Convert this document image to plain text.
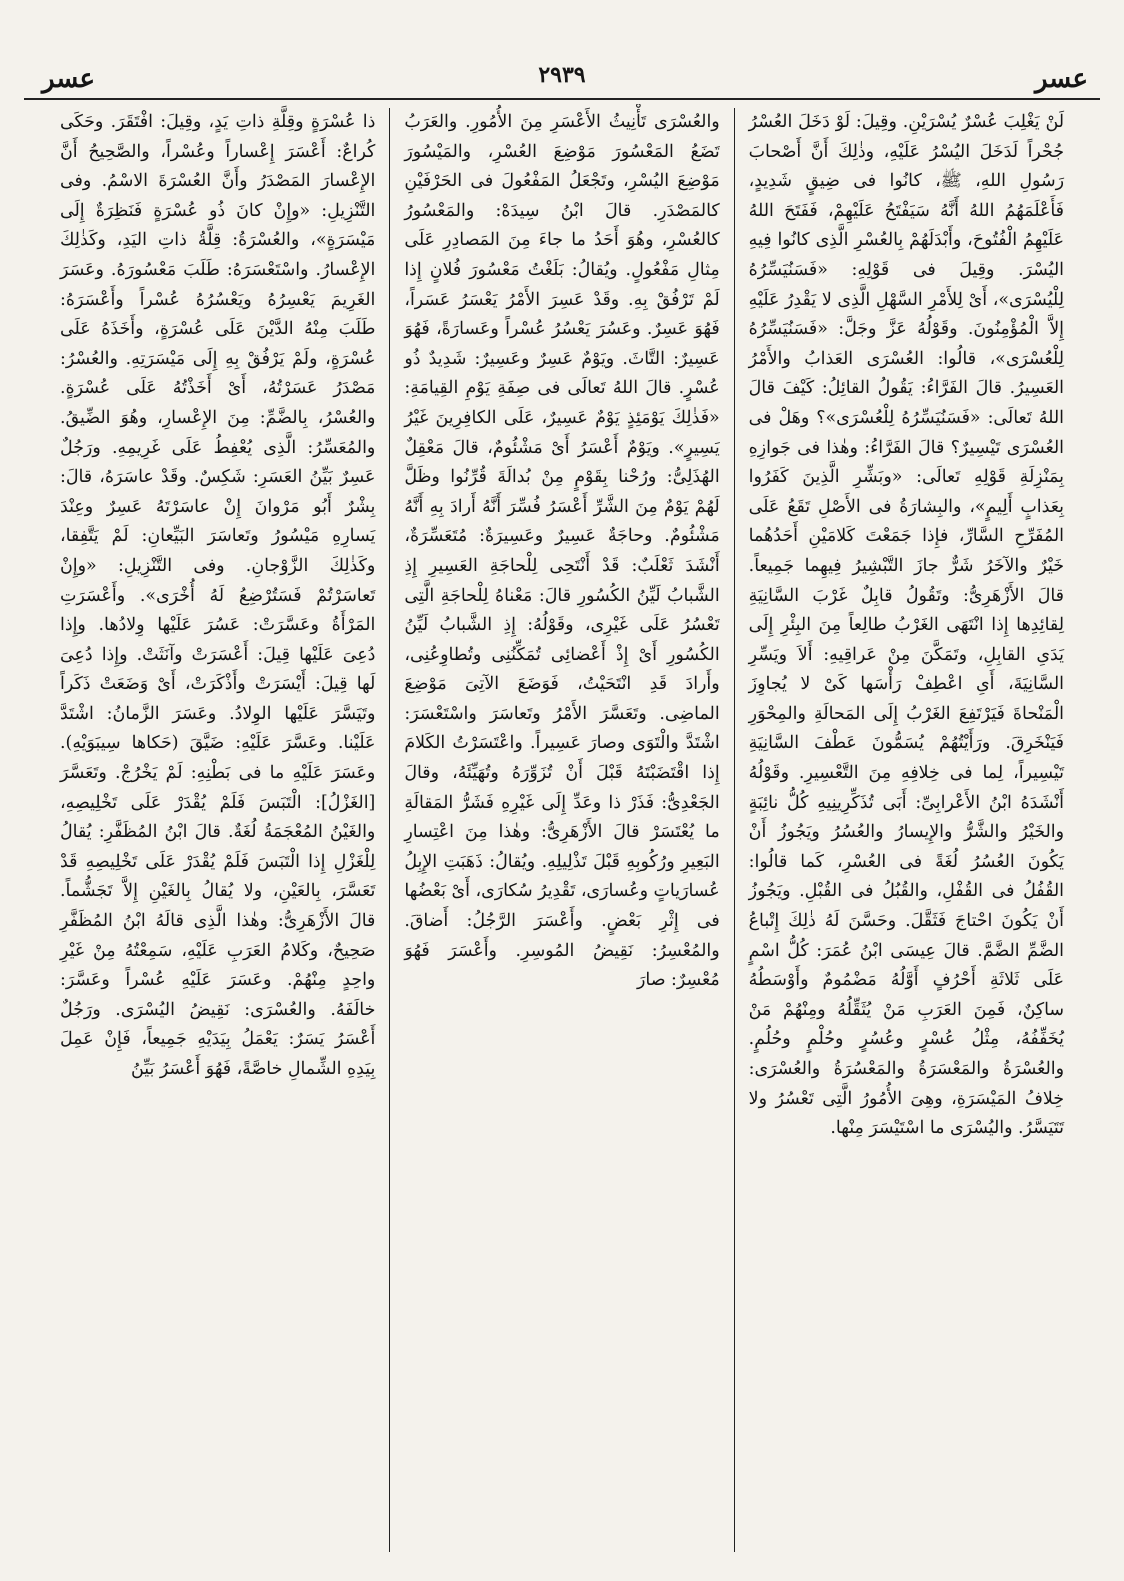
عسر
٢٩٣٩
عسر

لَنْ يَغْلِبَ عُسْرٌ يُسْرَيْنِ. وقِيلَ: لَوْ دَخَلَ العُسْرُ جُحْراً لَدَخَلَ اليُسْرُ عَلَيْهِ، وذٰلِكَ أَنَّ أَصْحابَ رَسُولِ اللهِ، ﷺ، كانُوا فى ضِيقٍ شَدِيدٍ، فَأَعْلَمَهُمُ اللهُ أَنَّهُ سَيَفْتَحُ عَلَيْهِمْ، فَفَتَحَ اللهُ عَلَيْهِمُ الْفُتُوحَ، وأَبْدَلَهُمْ بِالعُسْرِ الَّذِى كانُوا فِيهِ اليُسْرَ. وقِيلَ فى قَوْلِهِ: «فَسَنُيَسِّرُهُ لِلْيُسْرَى»، أَىْ لِلأَمْرِ السَّهْلِ الَّذِى لا يَقْدِرُ عَلَيْهِ إِلاَّ الْمُؤْمِنُونَ. وقَوْلُهُ عَزَّ وجَلَّ: «فَسَنُيَسِّرُهُ لِلْعُسْرَى»، قالُوا: العُسْرَى العَذابُ والأَمْرُ العَسِيرُ. قالَ الفَرَّاءُ: يَقُولُ القائِلُ: كَيْفَ قالَ اللهُ تَعالَى: «فَسَنُيَسِّرُهُ لِلْعُسْرَى»؟ وهَلْ فى العُسْرَى تَيْسِيرٌ؟ قالَ الفَرَّاءُ: وهٰذا فى جَوازِهِ بِمَنْزِلَةِ قَوْلِهِ تَعالَى: «وبَشِّرِ الَّذِينَ كَفَرُوا بِعَذابٍ أَلِيمٍ»، والبِشارَةُ فى الأَصْلِ تَقَعُ عَلَى المُفَرِّحِ السَّارِّ، فإِذا جَمَعْتَ كَلامَيْنِ أَحَدُهُما خَيْرٌ والآخَرُ شَرٌّ جازَ التَّبْشِيرُ فِيهِما جَمِيعاً. قالَ الأَزْهَرِىُّ: وتَقُولُ قابِلٌ غَرْبَ السَّانِيَةِ لِقائِدِها إِذا انْتَهَى الغَرْبُ طالِعاً مِنَ البِئْرِ إِلَى يَدَىِ القابِلِ، وتَمَكَّنَ مِنْ عَراقِيهِ: أَلاَ ويَسِّرِ السَّانِيَةَ، أَىِ اعْطِفْ رَأْسَها كَىْ لا يُجاوِزَ الْمَنْحاةَ فَيَرْتَفِعَ الغَرْبُ إِلَى المَحالَةِ والمِحْوَرِ فَيَنْخَرِقَ. ورَأَيْتُهُمْ يُسَمُّونَ عَطْفَ السَّانِيَةِ تَيْسِيراً، لِما فى خِلافِهِ مِنَ التَّعْسِيرِ. وقَوْلُهُ أَنْشَدَهُ ابْنُ الأَعْرابِىِّ: أَبَى تُذَكِّرِينِيهِ كُلُّ نائِبَةٍ والخَيْرُ والشَّرُّ والإِيسارُ والعُسُرُ ويَجُوزُ أَنْ يَكُونَ العُسُرُ لُغَةً فى العُسْرِ، كَما قالُوا: القُفُلُ فى القُفْلِ، والقُبُلُ فى القُبْلِ. ويَجُوزُ أَنْ يَكُونَ احْتاجَ فَثَقَّلَ. وحَسَّنَ لَهُ ذٰلِكَ إِتْباعُ الضَّمِّ الضَّمَّ. قالَ عِيسَى ابْنُ عُمَرَ: كُلُّ اسْمٍ عَلَى ثَلاثَةِ أَحْرُفٍ أَوَّلُهُ مَضْمُومٌ وأَوْسَطُهُ ساكِنٌ، فَمِنَ العَرَبِ مَنْ يُثَقِّلُهُ ومِنْهُمْ مَنْ يُخَفِّفُهُ، مِثْلُ عُسْرٍ وعُسُرٍ وحُلْمٍ وحُلُمٍ. والعُسْرَةُ والمَعْسَرَةُ والمَعْسُرَةُ والعُسْرَى: خِلافُ المَيْسَرَةِ، وهِىَ الأُمُورُ الَّتِى تَعْسُرُ ولا تَتَيَسَّرُ. واليُسْرَى ما اسْتَيْسَرَ مِنْها.

والعُسْرَى تَأْنِيثُ الأَعْسَرِ مِنَ الأُمُورِ. والعَرَبُ تَضَعُ المَعْسُورَ مَوْضِعَ العُسْرِ، والمَيْسُورَ مَوْضِعَ اليُسْرِ، وتَجْعَلُ المَفْعُولَ فى الحَرْفَيْنِ كالمَصْدَرِ. قالَ ابْنُ سِيدَهْ: والمَعْسُورُ كالعُسْرِ، وهُوَ أَحَدُ ما جاءَ مِنَ المَصادِرِ عَلَى مِثالِ مَفْعُولٍ. ويُقالُ: بَلَغْتُ مَعْسُورَ فُلانٍ إِذا لَمْ تَرْفُقْ بِهِ. وقَدْ عَسِرَ الأَمْرُ يَعْسَرُ عَسَراً، فَهُوَ عَسِرٌ. وعَسُرَ يَعْسُرُ عُسْراً وعَسارَةً، فَهُوَ عَسِيرٌ: التَّاثَ. ويَوْمٌ عَسِرٌ وعَسِيرٌ: شَدِيدٌ ذُو عُسْرٍ. قالَ اللهُ تَعالَى فى صِفَةِ يَوْمِ القِيامَةِ: «فَذٰلِكَ يَوْمَئِذٍ يَوْمٌ عَسِيرٌ، عَلَى الكافِرِينَ غَيْرُ يَسِيرٍ». ويَوْمٌ أَعْسَرُ أَىْ مَشْئُومٌ، قالَ مَعْقِلٌ الهُذَلِىُّ: ورُحْنا بِقَوْمٍ مِنْ بُدالَةَ قُرِّنُوا وظَلَّ لَهُمْ يَوْمٌ مِنَ الشَّرِّ أَعْسَرُ فُسِّرَ أَنَّهُ أَرادَ بِهِ أَنَّهُ مَشْئُومٌ. وحاجَةٌ عَسِيرٌ وعَسِيرَةٌ: مُتَعَسِّرَةٌ، أَنْشَدَ ثَعْلَبٌ: قَدْ أَنْتَحِى لِلْحاجَةِ العَسِيرِ إِذِ الشَّبابُ لَيِّنُ الكُسُورِ قالَ: مَعْناهُ لِلْحاجَةِ الَّتِى تَعْسُرُ عَلَى غَيْرِى، وقَوْلُهُ: إِذِ الشَّبابُ لَيِّنُ الكُسُورِ أَىْ إِذْ أَعْضائِى تُمَكِّنُنِى وتُطاوِعُنِى، وأَرادَ قَدِ انْتَحَيْتُ، فَوَضَعَ الآتِىَ مَوْضِعَ الماضِى. وتَعَسَّرَ الأَمْرُ وتَعاسَرَ واسْتَعْسَرَ: اشْتَدَّ والْتَوَى وصارَ عَسِيراً. واعْتَسَرْتُ الكَلامَ إِذا اقْتَضَبْتَهُ قَبْلَ أَنْ تُزَوِّرَهُ وتُهَيِّئَهُ، وقالَ الجَعْدِىُّ: فَذَرْ ذا وعَدِّ إِلَى غَيْرِهِ فَشَرُّ المَقالَةِ ما يُعْتَسَرْ قالَ الأَزْهَرِىُّ: وهٰذا مِنَ اعْتِسارِ البَعِيرِ ورُكُوبِهِ قَبْلَ تَذْلِيلِهِ. ويُقالُ: ذَهَبَتِ الإِبِلُ عُسارَياتٍ وعُسارَى، تَقْدِيرُ سُكارَى، أَىْ بَعْضُها فى إِثْرِ بَعْضٍ. وأَعْسَرَ الرَّجُلُ: أَضاقَ. والمُعْسِرُ: نَقِيضُ المُوسِرِ. وأَعْسَرَ فَهُوَ مُعْسِرٌ: صارَ

ذا عُسْرَةٍ وقِلَّةِ ذاتِ يَدٍ، وقِيلَ: افْتَقَرَ. وحَكَى كُراعٌ: أَعْسَرَ إِعْساراً وعُسْراً، والصَّحِيحُ أَنَّ الإِعْسارَ المَصْدَرُ وأَنَّ العُسْرَةَ الاسْمُ. وفى التَّنْزِيلِ: «وإِنْ كانَ ذُو عُسْرَةٍ فَنَظِرَةٌ إِلَى مَيْسَرَةٍ»، والعُسْرَةُ: قِلَّةُ ذاتِ اليَدِ، وكَذٰلِكَ الإِعْسارُ. واسْتَعْسَرَهُ: طَلَبَ مَعْسُورَهُ. وعَسَرَ الغَرِيمَ يَعْسِرُهُ ويَعْسُرُهُ عُسْراً وأَعْسَرَهُ: طَلَبَ مِنْهُ الدَّيْنَ عَلَى عُسْرَةٍ، وأَخَذَهُ عَلَى عُسْرَةٍ، ولَمْ يَرْفُقْ بِهِ إِلَى مَيْسَرَتِهِ. والعُسْرُ: مَصْدَرُ عَسَرْتُهُ، أَىْ أَخَذْتُهُ عَلَى عُسْرَةٍ. والعُسْرُ، بِالضَّمِّ: مِنَ الإِعْسارِ، وهُوَ الضِّيقُ. والمُعَسِّرُ: الَّذِى يُعْفِطُ عَلَى غَرِيمِهِ. ورَجُلٌ عَسِرٌ بَيِّنُ العَسَرِ: شَكِسٌ. وقَدْ عاسَرَهُ، قالَ: بِشْرٌ أَبُو مَرْوانَ إِنْ عاسَرْتَهُ عَسِرٌ وعِنْدَ يَسارِهِ مَيْسُورُ وتَعاسَرَ البَيِّعانِ: لَمْ يَتَّفِقا، وكَذٰلِكَ الزَّوْجانِ. وفى التَّنْزِيلِ: «وإِنْ تَعاسَرْتُمْ فَسَتُرْضِعُ لَهُ أُخْرَى». وأَعْسَرَتِ المَرْأَةُ وعَسَّرَتْ: عَسُرَ عَلَيْها وِلادُها. وإِذا دُعِىَ عَلَيْها قِيلَ: أَعْسَرَتْ وآنَثَتْ. وإِذا دُعِىَ لَها قِيلَ: أَيْسَرَتْ وأَذْكَرَتْ، أَىْ وَضَعَتْ ذَكَراً وتَيَسَّرَ عَلَيْها الوِلادُ. وعَسَرَ الزَّمانُ: اشْتَدَّ عَلَيْنا. وعَسَّرَ عَلَيْهِ: ضَيَّقَ (حَكاها سِيبَوَيْهِ). وعَسَرَ عَلَيْهِ ما فى بَطْنِهِ: لَمْ يَخْرُجْ. وتَعَسَّرَ [الغَزْلُ]: الْتَبَسَ فَلَمْ يُقْدَرْ عَلَى تَخْلِيصِهِ، والغَيْنُ المُعْجَمَةُ لُغَةٌ. قالَ ابْنُ المُظَفَّرِ: يُقالُ لِلْغَزْلِ إِذا الْتَبَسَ فَلَمْ يُقْدَرْ عَلَى تَخْلِيصِهِ قَدْ تَعَسَّرَ، بِالعَيْنِ، ولا يُقالُ بِالغَيْنِ إِلاَّ تَجَشُّماً. قالَ الأَزْهَرِىُّ: وهٰذا الَّذِى قالَهُ ابْنُ المُظَفَّرِ صَحِيحٌ، وكَلامُ العَرَبِ عَلَيْهِ، سَمِعْتُهُ مِنْ غَيْرِ واحِدٍ مِنْهُمْ. وعَسَرَ عَلَيْهِ عُسْراً وعَسَّرَ: خالَفَهُ. والعُسْرَى: نَقِيضُ اليُسْرَى. ورَجُلٌ أَعْسَرُ يَسَرٌ: يَعْمَلُ بِيَدَيْهِ جَمِيعاً، فَإِنْ عَمِلَ بِيَدِهِ الشِّمالِ خاصَّةً، فَهُوَ أَعْسَرُ بَيِّنُ
